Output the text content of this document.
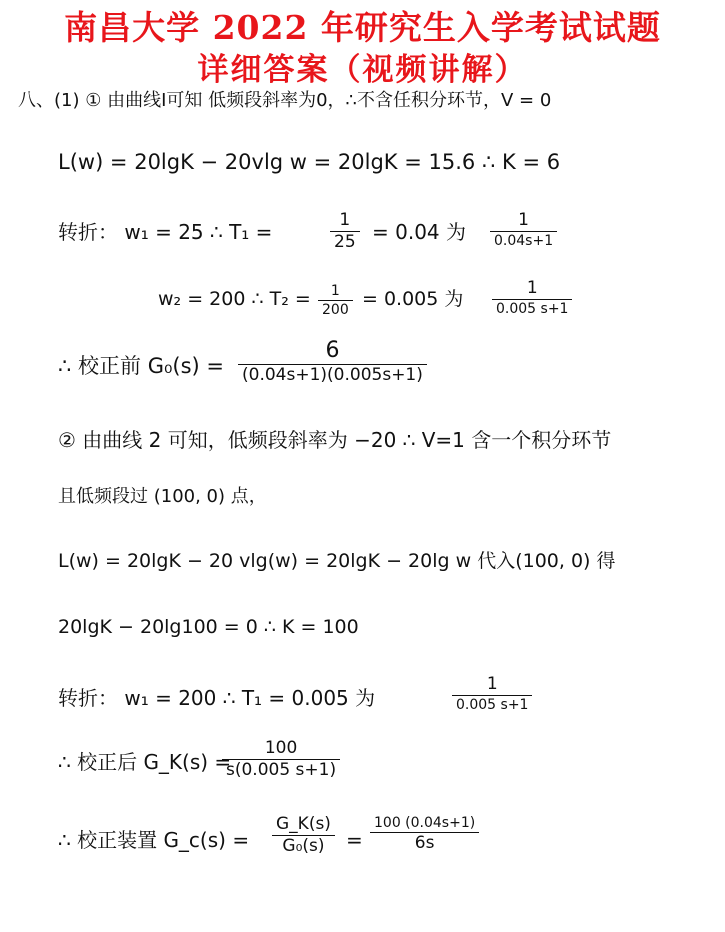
南昌大学 2022 年研究生入学考试试题
详细答案（视频讲解）
八、(1) ① 由曲线Ⅰ可知 低频段斜率为0，∴不含任积分环节，V = 0
L(w) = 20lgK − 20vlg w = 20lgK = 15.6 ∴ K = 6
转折： w₁ = 25 ∴ T₁ =	1
25 = 0.04 为	1
0.04s+1
w₂ = 200 ∴ T₂ = 1
200 = 0.005 为	1
0.005 s+1
∴ 校正前 G₀(s) =
6
(0.04s+1)(0.005s+1)
② 由曲线 2 可知，低频段斜率为 −20 ∴ V=1 含一个积分环节
且低频段过 (100, 0) 点，
L(w) = 20lgK − 20 vlg(w) = 20lgK − 20lg w 代入(100, 0) 得
20lgK − 20lg100 = 0 ∴ K = 100
转折： w₁ = 200 ∴ T₁ = 0.005 为
1
0.005 s+1
∴ 校正后 G_K(s) =
100
s(0.005 s+1)
∴ 校正装置 G_c(s) =
G_K(s)
G₀(s) =
100 (0.04s+1)
6s
